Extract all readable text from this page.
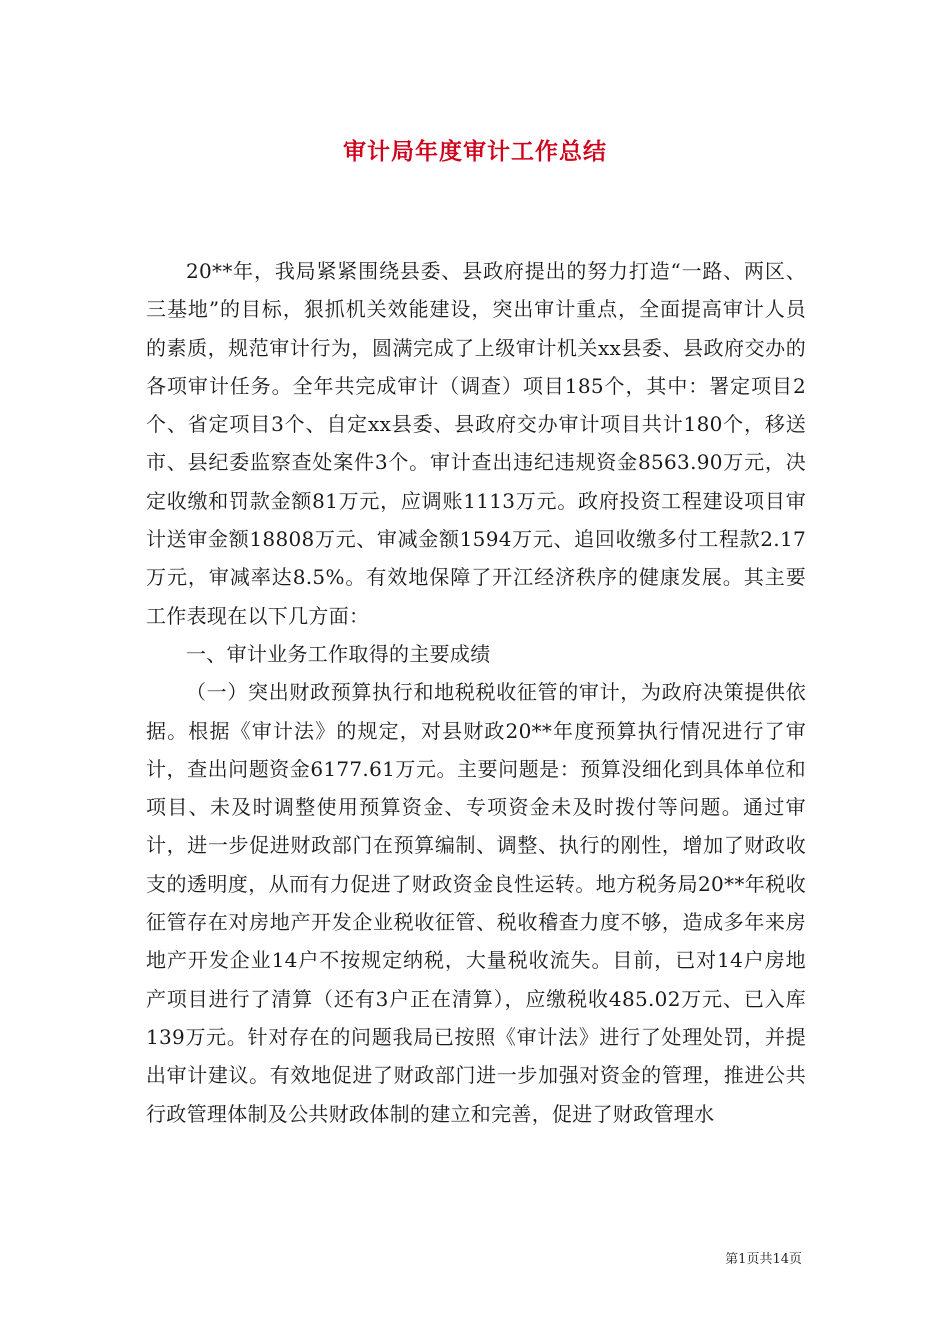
审计局年度审计工作总结

20**年，我局紧紧围绕县委、县政府提出的努力打造“一路、两区、三基地”的目标，狠抓机关效能建设，突出审计重点，全面提高审计人员的素质，规范审计行为，圆满完成了上级审计机关xx县委、县政府交办的各项审计任务。全年共完成审计（调查）项目185个，其中：署定项目2个、省定项目3个、自定xx县委、县政府交办审计项目共计180个，移送市、县纪委监察查处案件3个。审计查出违纪违规资金8563.90万元，决定收缴和罚款金额81万元，应调账1113万元。政府投资工程建设项目审计送审金额18808万元、审减金额1594万元、追回收缴多付工程款2.17万元，审减率达8.5%。有效地保障了开江经济秩序的健康发展。其主要工作表现在以下几方面：

一、审计业务工作取得的主要成绩

（一）突出财政预算执行和地税税收征管的审计，为政府决策提供依据。根据《审计法》的规定，对县财政20**年度预算执行情况进行了审计，查出问题资金6177.61万元。主要问题是：预算没细化到具体单位和项目、未及时调整使用预算资金、专项资金未及时拨付等问题。通过审计，进一步促进财政部门在预算编制、调整、执行的刚性，增加了财政收支的透明度，从而有力促进了财政资金良性运转。地方税务局20**年税收征管存在对房地产开发企业税收征管、税收稽查力度不够，造成多年来房地产开发企业14户不按规定纳税，大量税收流失。目前，已对14户房地产项目进行了清算（还有3户正在清算），应缴税收485.02万元、已入库139万元。针对存在的问题我局已按照《审计法》进行了处理处罚，并提出审计建议。有效地促进了财政部门进一步加强对资金的管理，推进公共行政管理体制及公共财政体制的建立和完善，促进了财政管理水

第1页共14页
